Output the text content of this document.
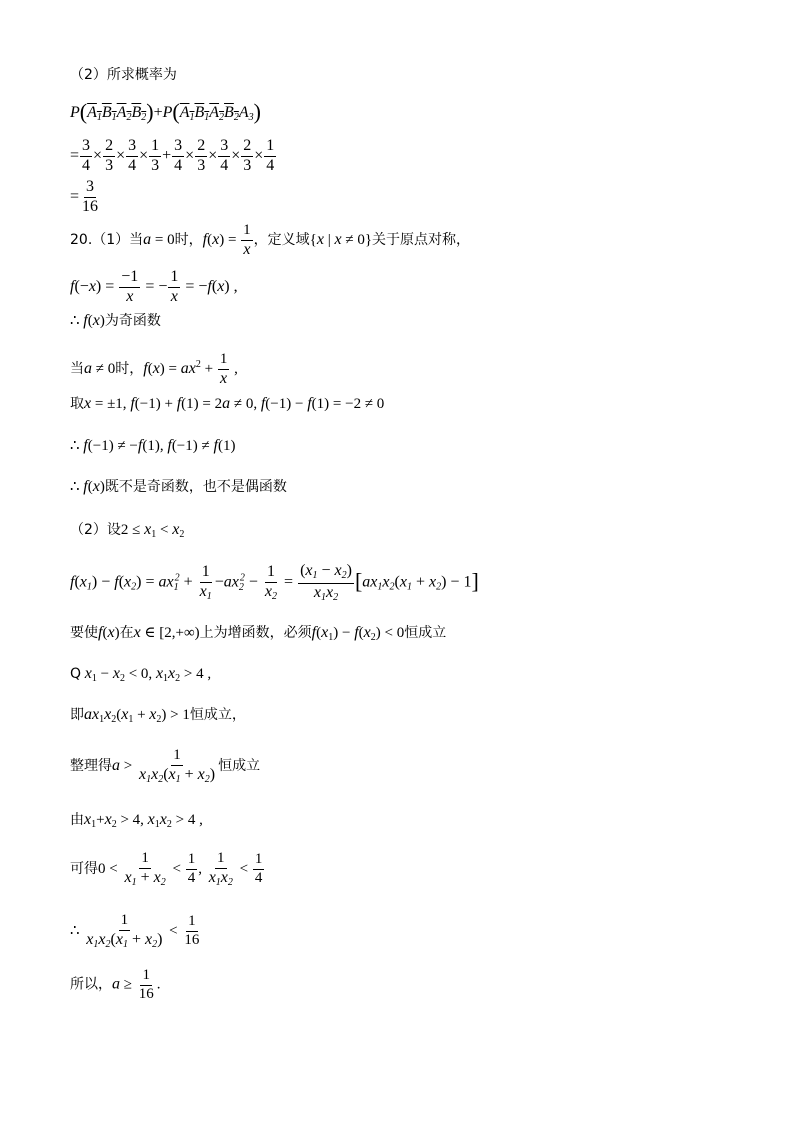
（2）所求概率为
$P(A_1B_1A_2B_2)+P(A_1B_1A_2B_2A_3)$
= $\frac{3}{4} \times \frac{2}{3} \times \frac{3}{4} \times \frac{1}{3} + \frac{3}{4} \times \frac{2}{3} \times \frac{3}{4} \times \frac{2}{3} \times \frac{1}{4}$
= $\frac{3}{16}$
20.（1）当a = 0时，$f(x) = \frac{1}{x}$ ，定义域{x | x ≠ 0}关于原点对称，
$f(-x) = \frac{-1}{x}$ = − $\frac{1}{x} = -f(x)$ ,
∴ f(x)为奇函数
当a ≠ 0时，$f(x) = ax^2 + \frac{1}{x}$ ,
取x = ±1, f(−1) + f(1) = 2a ≠ 0, f(−1) − f(1) = −2 ≠ 0
∴ f(−1) ≠ −f(1), f(−1) ≠ f(1)
∴ f(x)既不是奇函数，也不是偶函数
（2）设$2 \le x_1 < x_2$
$f(x_1) - f(x_2) = ax_1^2 + \frac{1}{x_1} -ax_2^2 - \frac{1}{x_2} = \frac{(x_1 - x_2)}{x_1x_2} [ax_1x_2(x_1 + x_2) - 1]$
要使f(x)在x ∈ [2,+∞)上为增函数，必须$f(x_1) - f(x_2) < 0$恒成立
Q $x_1 - x_2 < 0$, $x_1x_2 > 4$ ,
即$ax_1x_2(x_1 + x_2) > 1$恒成立，
整理得$a > \frac{1}{x_1x_2(x_1 + x_2)}$ 恒成立
由$x_1+x_2 > 4$, $x_1x_2 > 4$ ,
可得$0 < \frac{1}{x_1 + x_2} < \frac{1}{4}$ , $\frac{1}{x_1x_2} < \frac{1}{4}$
∴ $\frac{1}{x_1x_2(x_1 + x_2)} < \frac{1}{16}$
所以，$a \ge \frac{1}{16}$ .
